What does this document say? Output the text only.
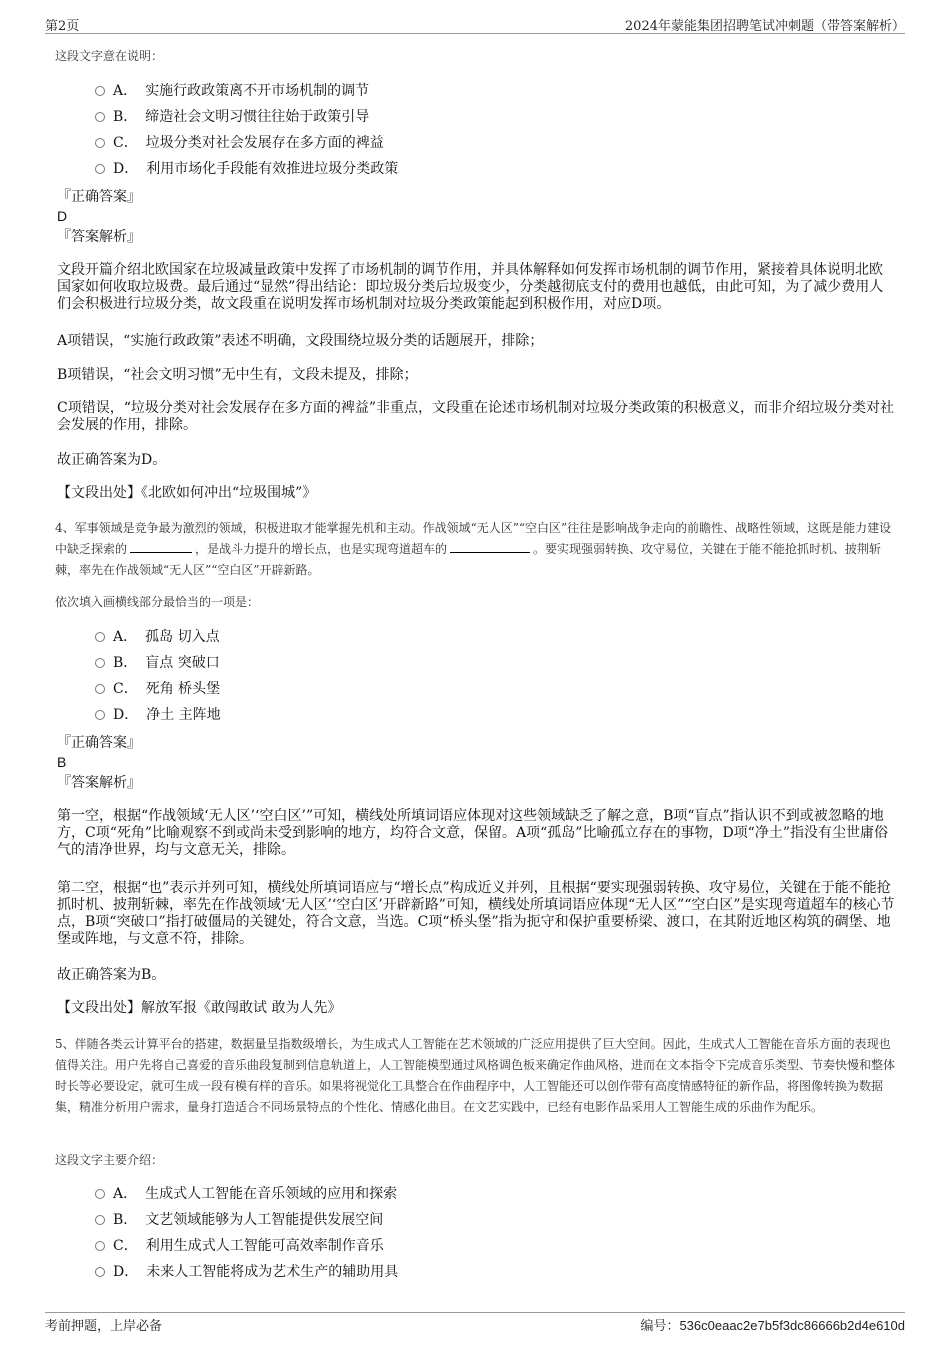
第2页	2024年蒙能集团招聘笔试冲刺题（带答案解析）
这段文字意在说明：
A． 实施行政政策离不开市场机制的调节
B． 缔造社会文明习惯往往始于政策引导
C． 垃圾分类对社会发展存在多方面的裨益
D． 利用市场化手段能有效推进垃圾分类政策
『正确答案』
D
『答案解析』
文段开篇介绍北欧国家在垃圾减量政策中发挥了市场机制的调节作用，并具体解释如何发挥市场机制的调节作用，紧接着具体说明北欧国家如何收取垃圾费。最后通过“显然”得出结论：即垃圾分类后垃圾变少，分类越彻底支付的费用也越低，由此可知，为了减少费用人们会积极进行垃圾分类，故文段重在说明发挥市场机制对垃圾分类政策能起到积极作用，对应D项。
A项错误，“实施行政政策”表述不明确，文段围绕垃圾分类的话题展开，排除；
B项错误，“社会文明习惯”无中生有，文段未提及，排除；
C项错误，“垃圾分类对社会发展存在多方面的裨益”非重点，文段重在论述市场机制对垃圾分类政策的积极意义，而非介绍垃圾分类对社会发展的作用，排除。
故正确答案为D。
【文段出处】《北欧如何冲出“垃圾围城”》
4、军事领域是竞争最为激烈的领域，积极进取才能掌握先机和主动。作战领域“无人区”“空白区”往往是影响战争走向的前瞻性、战略性领域，这既是能力建设中缺乏探索的	，是战斗力提升的增长点，也是实现弯道超车的	。要实现强弱转换、攻守易位，关键在于能不能抢抓时机、披荆斩棘，率先在作战领域“无人区”“空白区”开辟新路。
依次填入画横线部分最恰当的一项是：
A． 孤岛 切入点
B． 盲点 突破口
C． 死角 桥头堡
D． 净土 主阵地
『正确答案』
B
『答案解析』
第一空，根据“作战领域‘无人区’‘空白区’”可知，横线处所填词语应体现对这些领域缺乏了解之意，B项“盲点”指认识不到或被忽略的地方，C项“死角”比喻观察不到或尚未受到影响的地方，均符合文意，保留。A项“孤岛”比喻孤立存在的事物，D项“净土”指没有尘世庸俗气的清净世界，均与文意无关，排除。
第二空，根据“也”表示并列可知，横线处所填词语应与“增长点”构成近义并列，且根据“要实现强弱转换、攻守易位，关键在于能不能抢抓时机、披荆斩棘，率先在作战领域‘无人区’‘空白区’开辟新路”可知，横线处所填词语应体现“无人区”“空白区”是实现弯道超车的核心节点，B项“突破口”指打破僵局的关键处，符合文意，当选。C项“桥头堡”指为扼守和保护重要桥梁、渡口，在其附近地区构筑的碉堡、地堡或阵地，与文意不符，排除。
故正确答案为B。
【文段出处】解放军报《敢闯敢试 敢为人先》
5、伴随各类云计算平台的搭建，数据量呈指数级增长，为生成式人工智能在艺术领域的广泛应用提供了巨大空间。因此，生成式人工智能在音乐方面的表现也值得关注。用户先将自己喜爱的音乐曲段复制到信息轨道上，人工智能模型通过风格调色板来确定作曲风格，进而在文本指令下完成音乐类型、节奏快慢和整体时长等必要设定，就可生成一段有模有样的音乐。如果将视觉化工具整合在作曲程序中，人工智能还可以创作带有高度情感特征的新作品，将图像转换为数据集，精准分析用户需求，量身打造适合不同场景特点的个性化、情感化曲目。在文艺实践中，已经有电影作品采用人工智能生成的乐曲作为配乐。
这段文字主要介绍：
A． 生成式人工智能在音乐领域的应用和探索
B． 文艺领域能够为人工智能提供发展空间
C． 利用生成式人工智能可高效率制作音乐
D． 未来人工智能将成为艺术生产的辅助用具
考前押题，上岸必备	编号：536c0eaac2e7b5f3dc86666b2d4e610d
